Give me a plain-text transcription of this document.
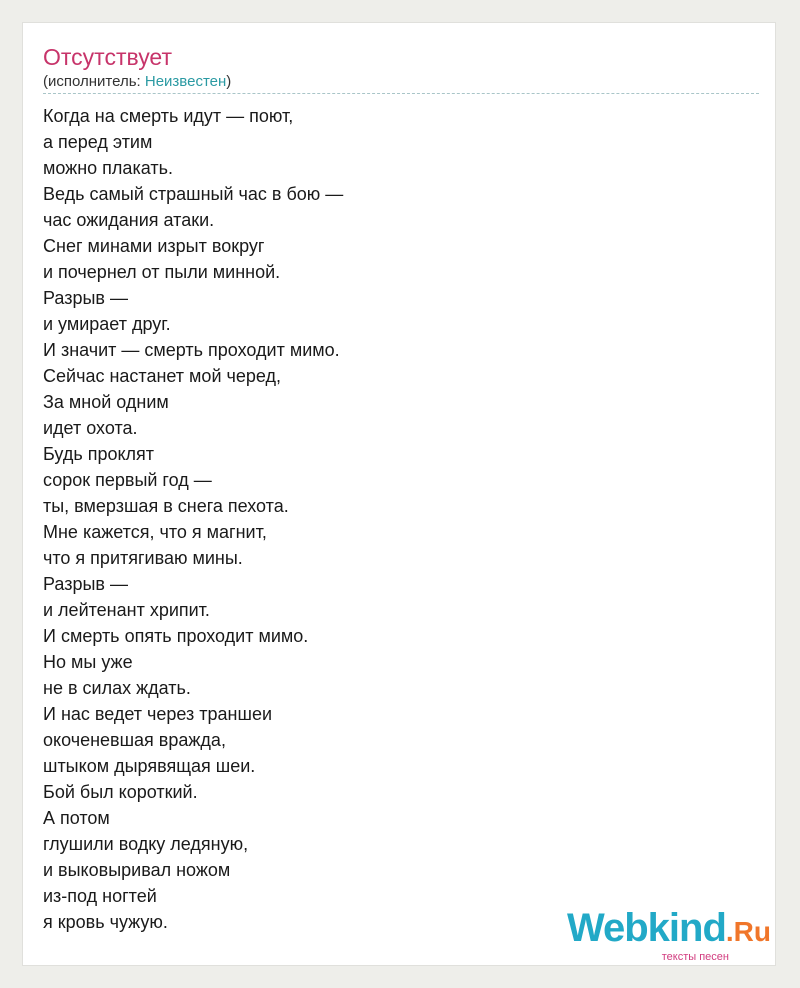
Отсутствует
(исполнитель: Неизвестен)
Когда на смерть идут — поют,
а перед этим
можно плакать.
Ведь самый страшный час в бою —
час ожидания атаки.
Снег минами изрыт вокруг
и почернел от пыли минной.
Разрыв —
и умирает друг.
И значит — смерть проходит мимо.
Сейчас настанет мой черед,
За мной одним
идет охота.
Будь проклят
сорок первый год —
ты, вмерзшая в снега пехота.
Мне кажется, что я магнит,
что я притягиваю мины.
Разрыв —
и лейтенант хрипит.
И смерть опять проходит мимо.
Но мы уже
не в силах ждать.
И нас ведет через траншеи
окоченевшая вражда,
штыком дырявящая шеи.
Бой был короткий.
А потом
глушили водку ледяную,
и выковыривал ножом
из-под ногтей
я кровь чужую.	Webkind.Ru
тексты песен
